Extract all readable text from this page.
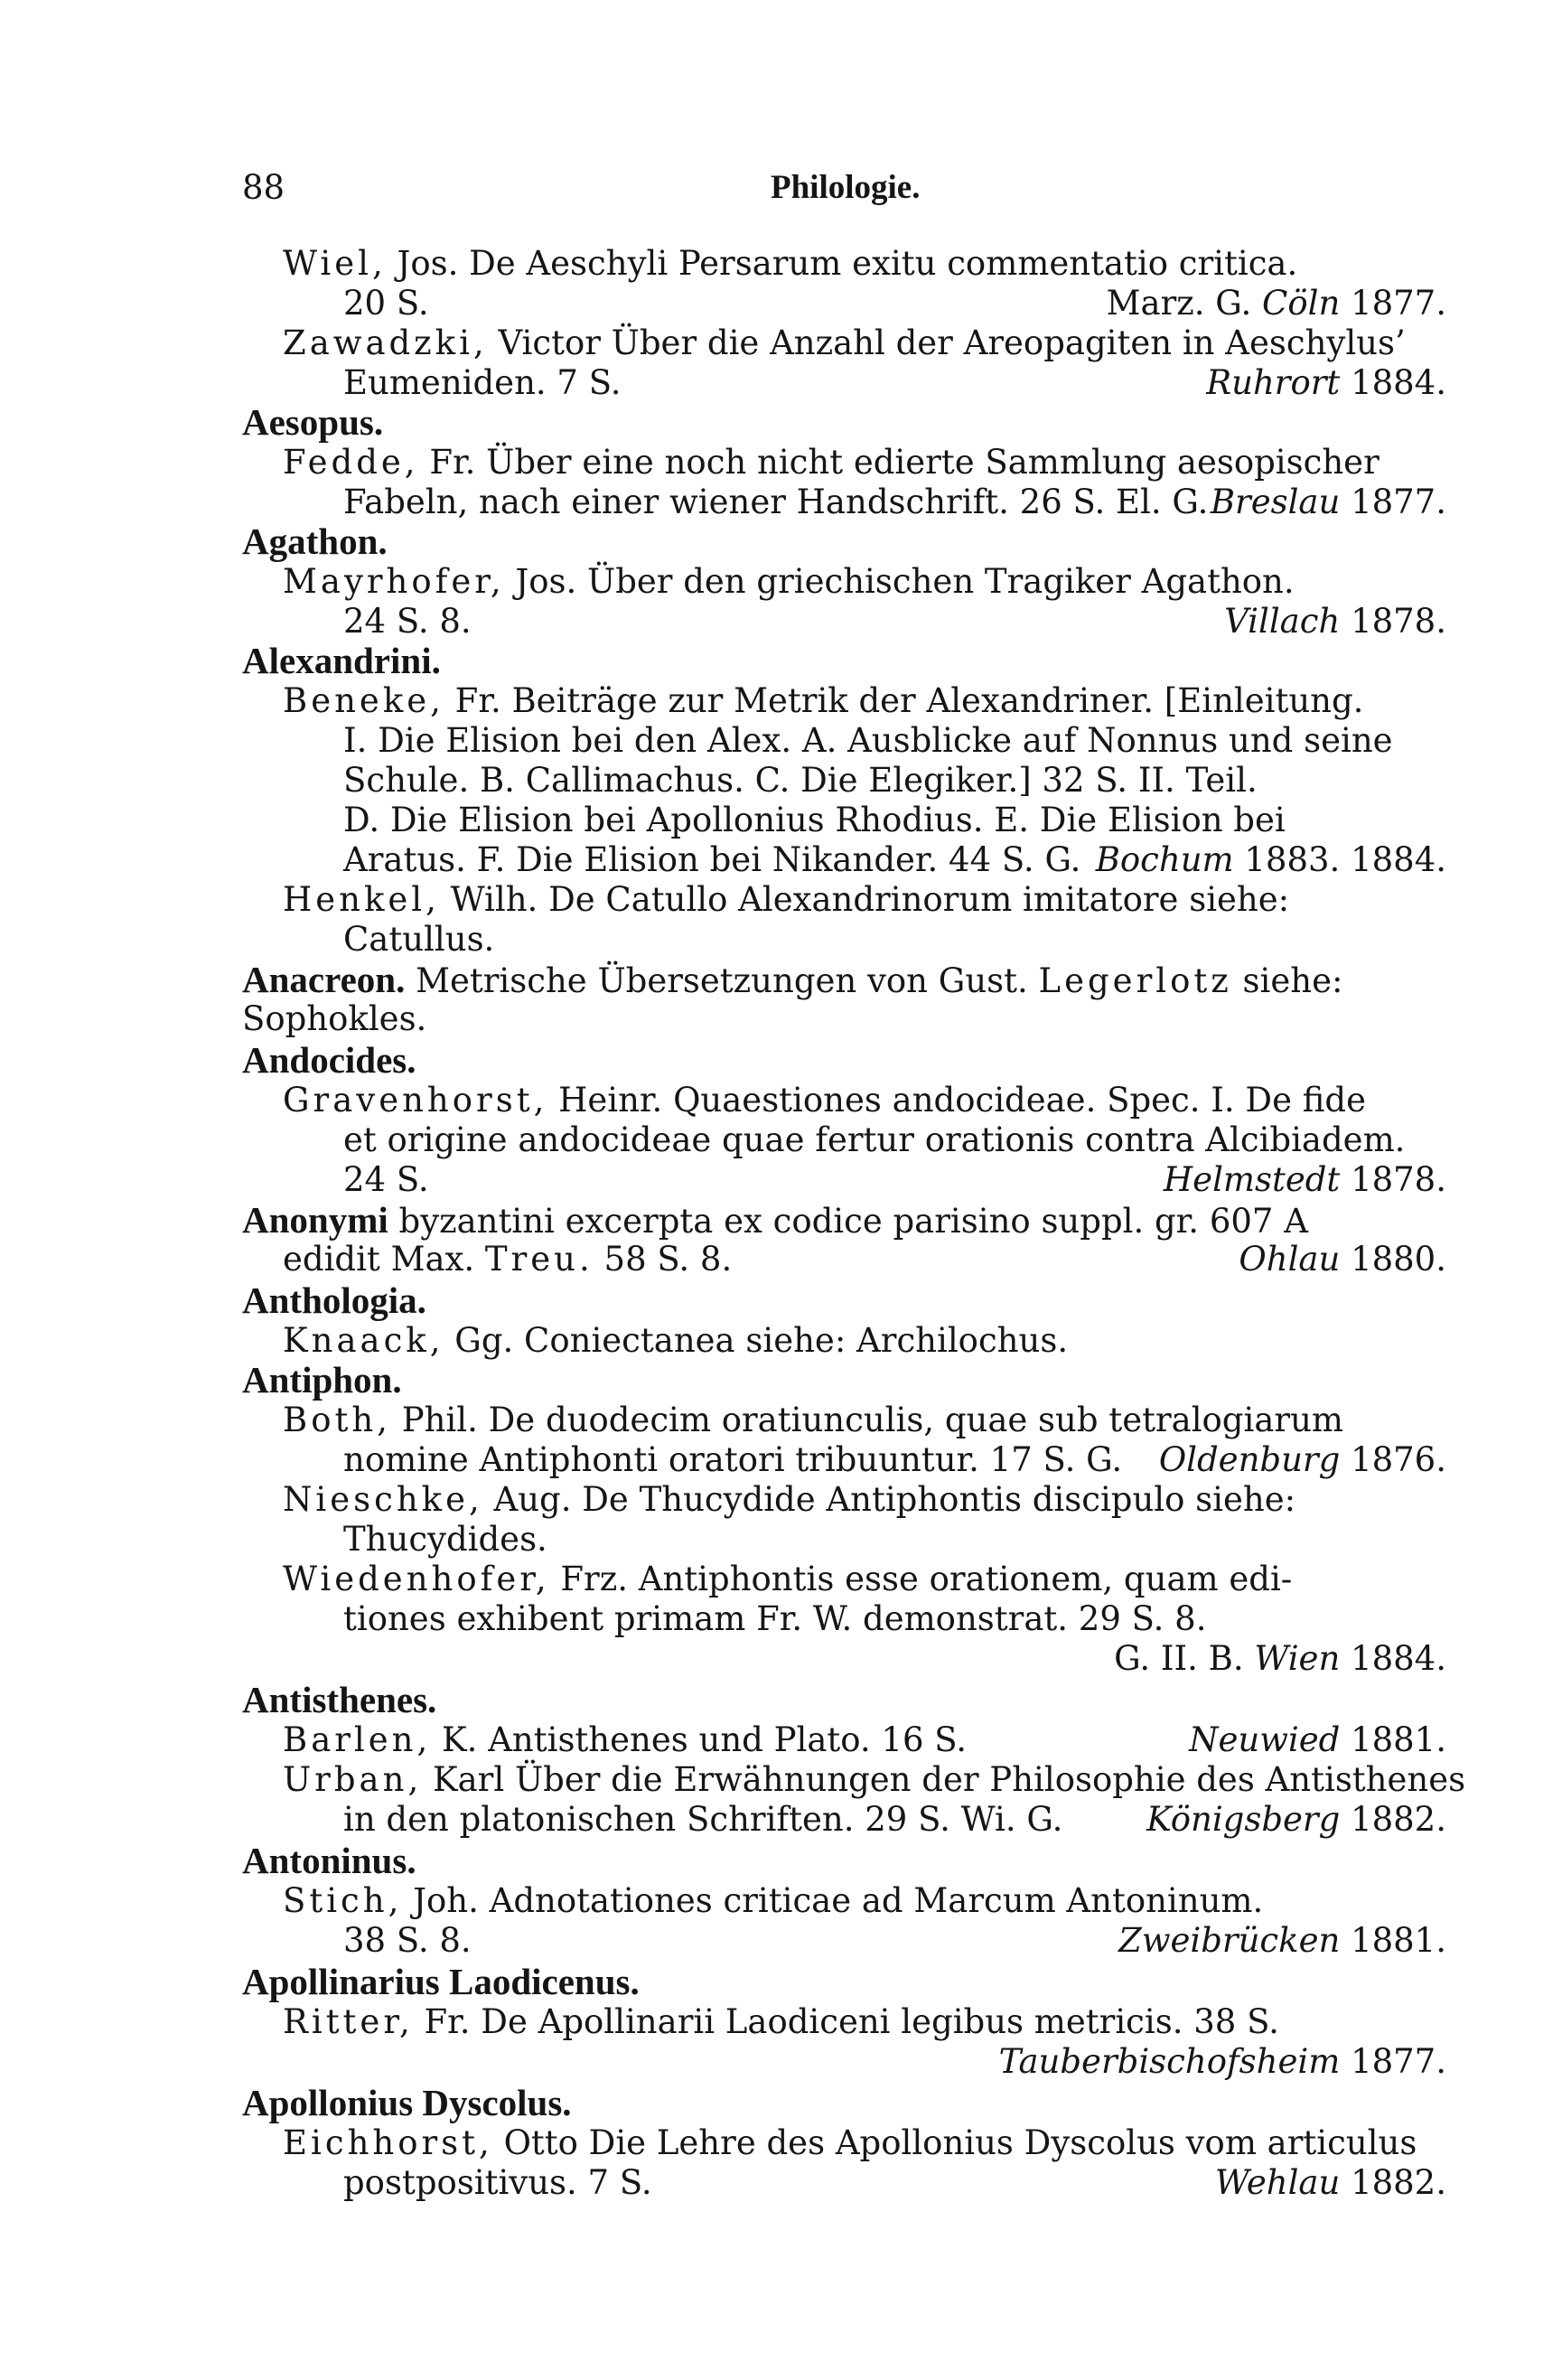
88	Philologie.
Wiel, Jos. De Aeschyli Persarum exitu commentatio critica.
20 S.	Marz. G. Cöln 1877.
Zawadzki, Victor Über die Anzahl der Areopagiten in Aeschylus’
Eumeniden. 7 S.	Ruhrort 1884.
Aesopus.
Fedde, Fr. Über eine noch nicht edierte Sammlung aesopischer
Fabeln, nach einer wiener Handschrift. 26 S. El. G. Breslau 1877.
Agathon.
Mayrhofer, Jos. Über den griechischen Tragiker Agathon.
24 S. 8.	Villach 1878.
Alexandrini.
Beneke, Fr. Beiträge zur Metrik der Alexandriner. [Einleitung.
I. Die Elision bei den Alex. A. Ausblicke auf Nonnus und seine
Schule. B. Callimachus. C. Die Elegiker.] 32 S. II. Teil.
D. Die Elision bei Apollonius Rhodius. E. Die Elision bei
Aratus. F. Die Elision bei Nikander. 44 S. G. Bochum 1883. 1884.
Henkel, Wilh. De Catullo Alexandrinorum imitatore siehe:
Catullus.
Anacreon. Metrische Übersetzungen von Gust. Legerlotz siehe:
Sophokles.
Andocides.
Gravenhorst, Heinr. Quaestiones andocideae. Spec. I. De fide
et origine andocideae quae fertur orationis contra Alcibiadem.
24 S.	Helmstedt 1878.
Anonymi byzantini excerpta ex codice parisino suppl. gr. 607 A
edidit Max. Treu. 58 S. 8.	Ohlau 1880.
Anthologia.
Knaack, Gg. Coniectanea siehe: Archilochus.
Antiphon.
Both, Phil. De duodecim oratiunculis, quae sub tetralogiarum
nomine Antiphonti oratori tribuuntur. 17 S. G. Oldenburg 1876.
Nieschke, Aug. De Thucydide Antiphontis discipulo siehe:
Thucydides.
Wiedenhofer, Frz. Antiphontis esse orationem, quam edi-
tiones exhibent primam Fr. W. demonstrat. 29 S. 8.
G. II. B. Wien 1884.
Antisthenes.
Barlen, K. Antisthenes und Plato. 16 S.	Neuwied 1881.
Urban, Karl Über die Erwähnungen der Philosophie des Antisthenes
in den platonischen Schriften. 29 S. Wi. G.	Königsberg 1882.
Antoninus.
Stich, Joh. Adnotationes criticae ad Marcum Antoninum.
38 S. 8.	Zweibrücken 1881.
Apollinarius Laodicenus.
Ritter, Fr. De Apollinarii Laodiceni legibus metricis. 38 S.
Tauberbischofsheim 1877.
Apollonius Dyscolus.
Eichhorst, Otto Die Lehre des Apollonius Dyscolus vom articulus
postpositivus. 7 S.	Wehlau 1882.
